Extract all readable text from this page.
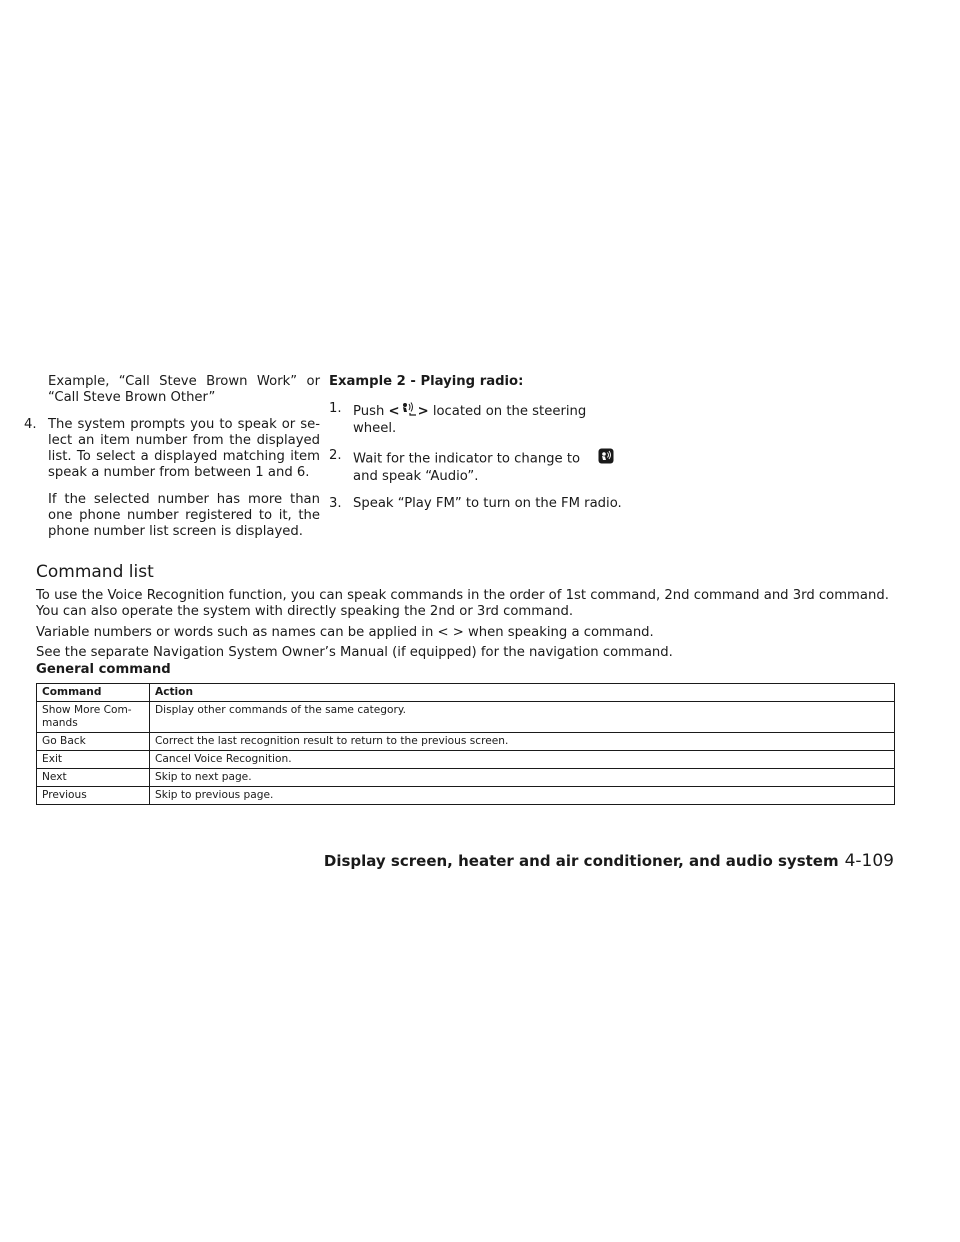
Example, “Call Steve Brown Work” or “Call Steve Brown Other”

4. The system prompts you to speak or se-lect an item number from the displayed list. To select a displayed matching item speak a number from between 1 and 6.

If the selected number has more than one phone number registered to it, the phone number list screen is displayed.

Example 2 - Playing radio:

1. Push < > located on the steering wheel.
2. Wait for the indicator to change to
and speak “Audio”.
3. Speak “Play FM” to turn on the FM radio.
Command list

To use the Voice Recognition function, you can speak commands in the order of 1st command, 2nd command and 3rd command. You can also operate the system with directly speaking the 2nd or 3rd command.

Variable numbers or words such as names can be applied in < > when speaking a command.

See the separate Navigation System Owner’s Manual (if equipped) for the navigation command.

General command

Command	Action
Show More Com-mands	Display other commands of the same category.
Go Back	Correct the last recognition result to return to the previous screen.
Exit	Cancel Voice Recognition.
Next	Skip to next page.
Previous	Skip to previous page.
Display screen, heater and air conditioner, and audio system 4-109
